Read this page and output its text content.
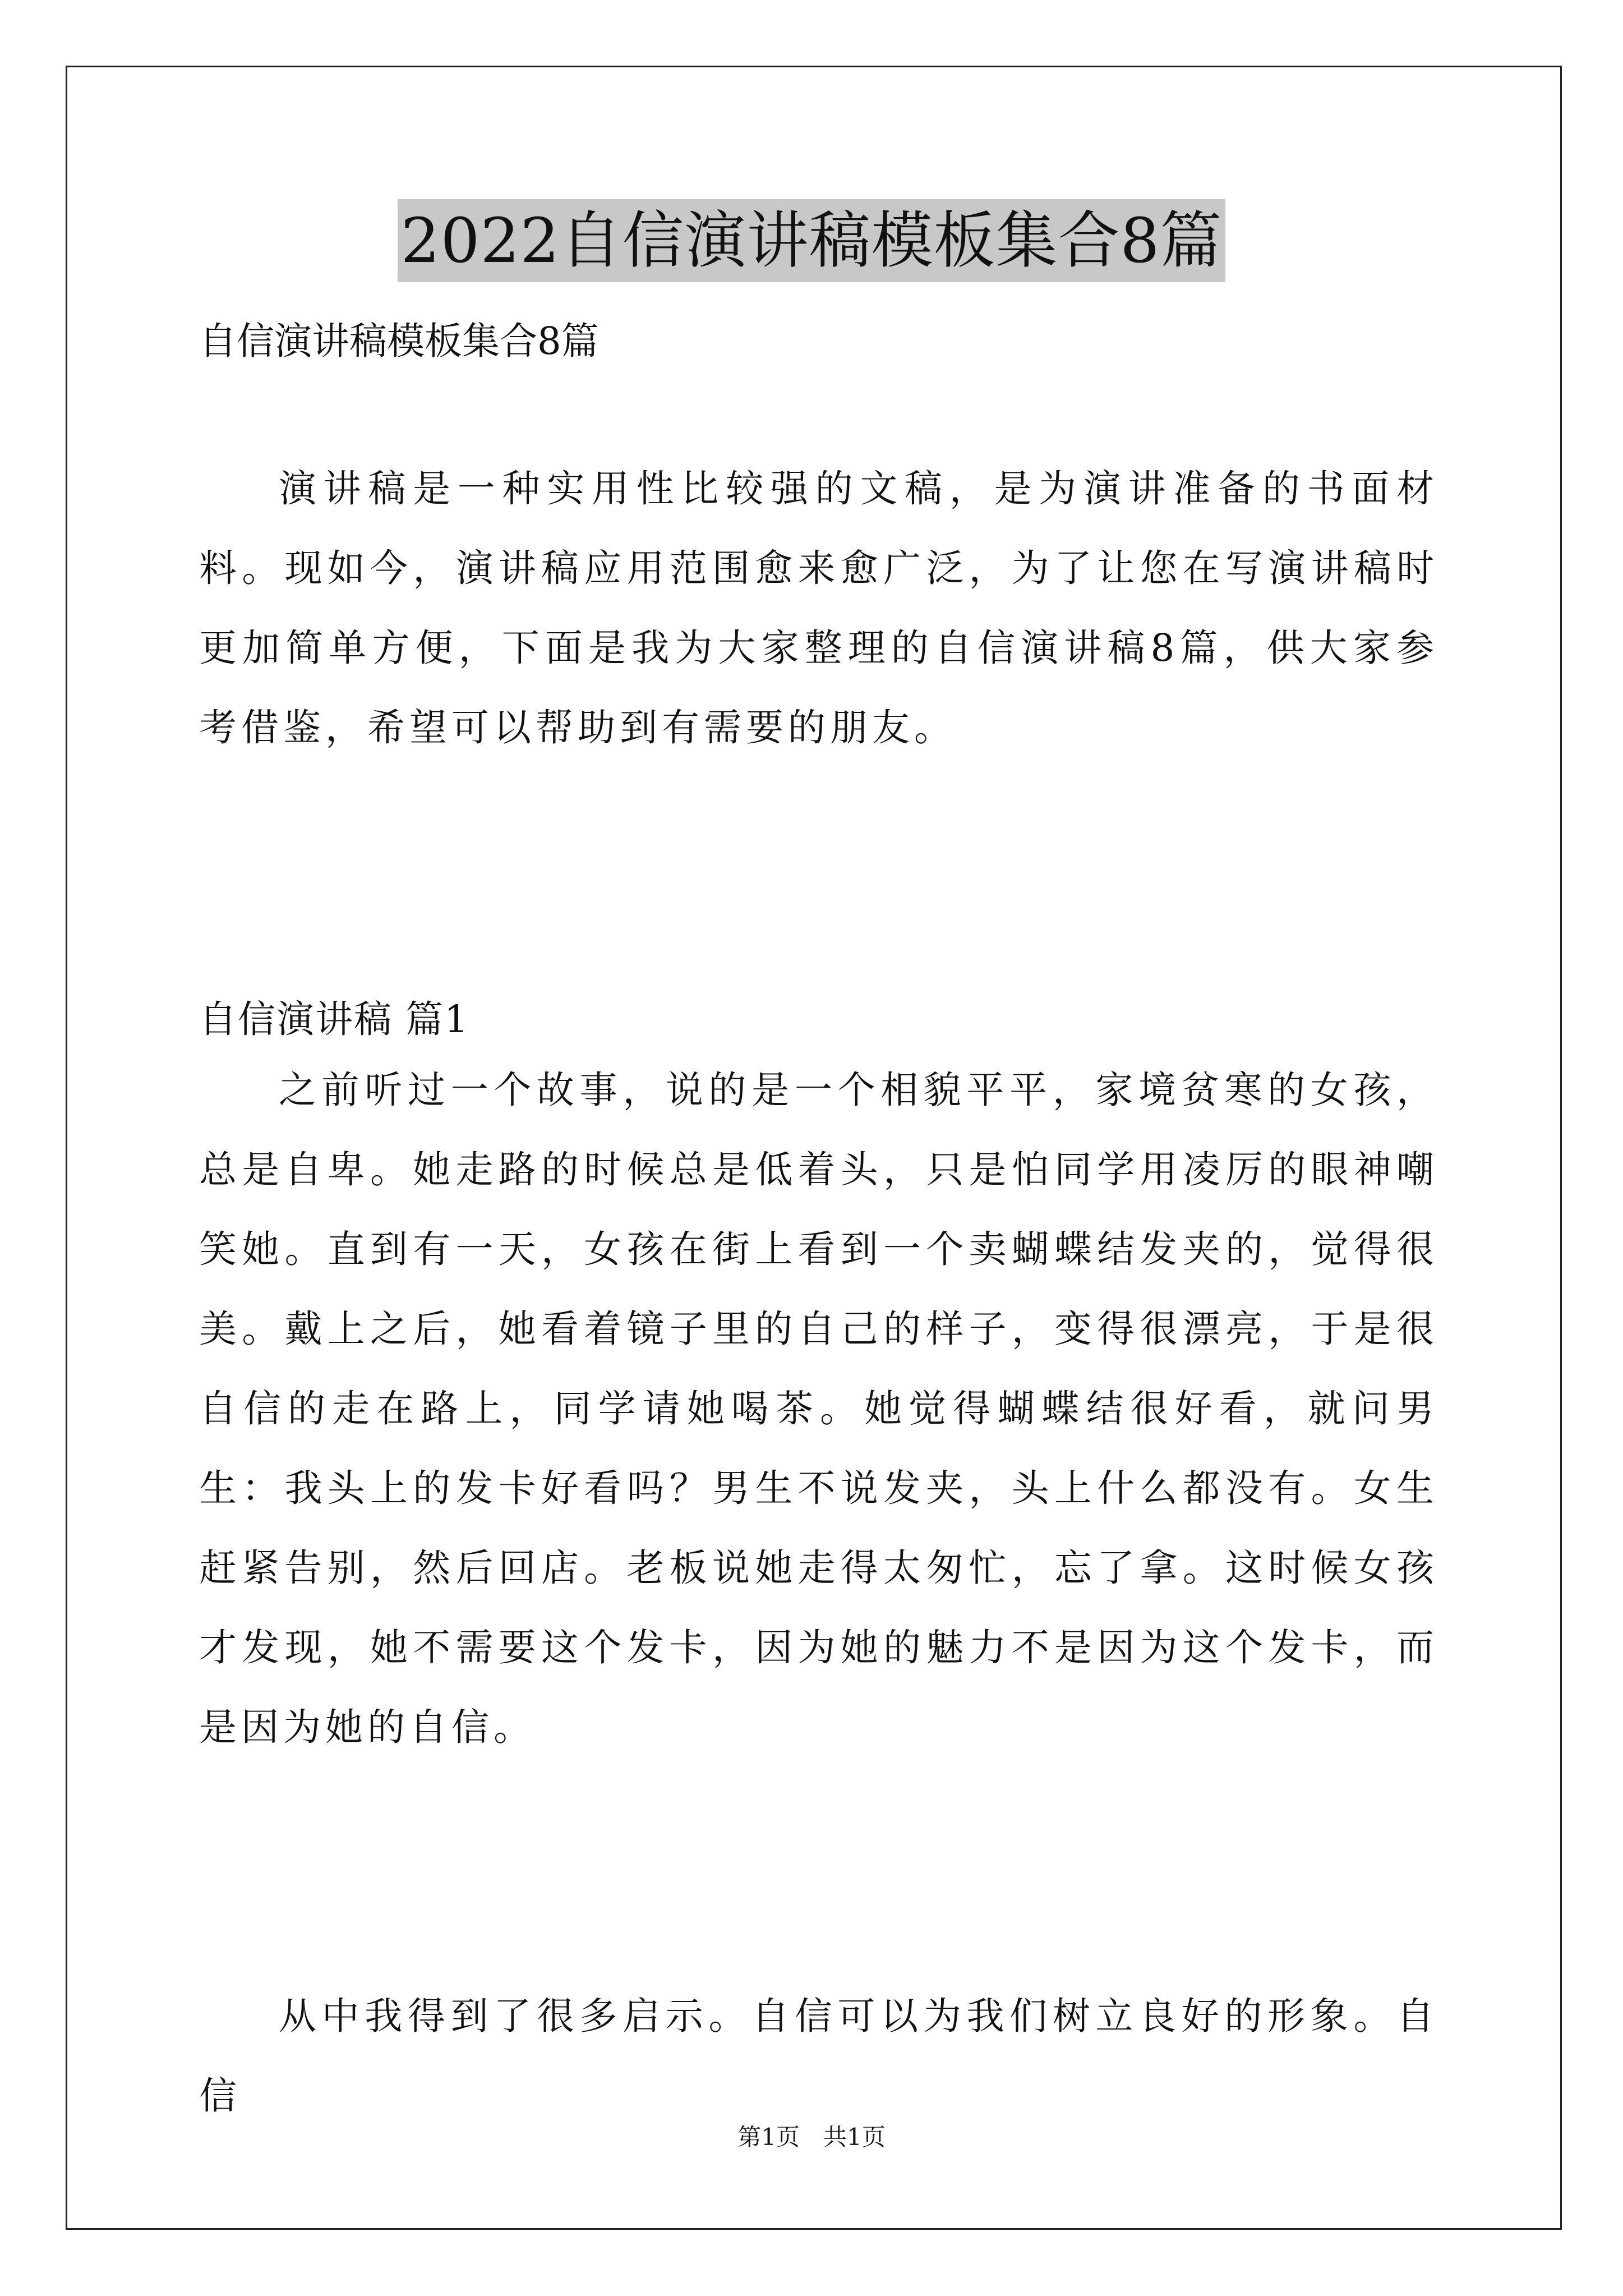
2022自信演讲稿模板集合8篇
自信演讲稿模板集合8篇

演讲稿是一种实用性比较强的文稿，是为演讲准备的书面材料。现如今，演讲稿应用范围愈来愈广泛，为了让您在写演讲稿时更加简单方便，下面是我为大家整理的自信演讲稿8篇，供大家参考借鉴，希望可以帮助到有需要的朋友。

自信演讲稿 篇1

之前听过一个故事，说的是一个相貌平平，家境贫寒的女孩，总是自卑。她走路的时候总是低着头，只是怕同学用凌厉的眼神嘲笑她。直到有一天，女孩在街上看到一个卖蝴蝶结发夹的，觉得很美。戴上之后，她看着镜子里的自己的样子，变得很漂亮，于是很自信的走在路上，同学请她喝茶。她觉得蝴蝶结很好看，就问男生：我头上的发卡好看吗？男生不说发夹，头上什么都没有。女生赶紧告别，然后回店。老板说她走得太匆忙，忘了拿。这时候女孩才发现，她不需要这个发卡，因为她的魅力不是因为这个发卡，而是因为她的自信。

从中我得到了很多启示。自信可以为我们树立良好的形象。自信

第1页 共1页
